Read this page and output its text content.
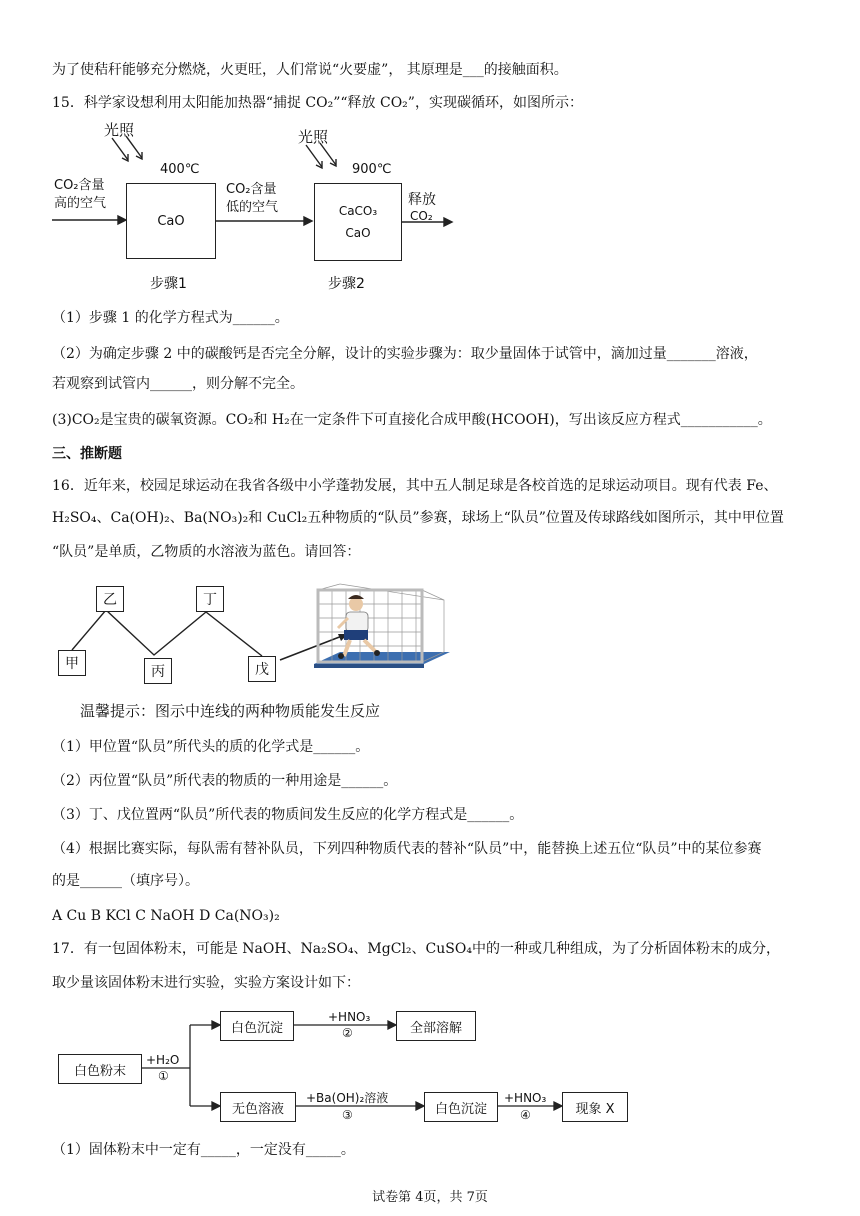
为了使秸秆能够充分燃烧，火更旺，人们常说“火要虚”， 其原理是___的接触面积。
15．科学家设想利用太阳能加热器“捕捉 CO₂”“释放 CO₂”，实现碳循环，如图所示：
光照	光照
400℃	900℃
CO₂含量
高的空气
CaO
CO₂含量
低的空气	CaCO₃
CaO
释放
CO₂
步骤1	步骤2
（1）步骤 1 的化学方程式为______。
（2）为确定步骤 2 中的碳酸钙是否完全分解，设计的实验步骤为：取少量固体于试管中，滴加过量_______溶液，
若观察到试管内______，则分解不完全。
(3)CO₂是宝贵的碳氧资源。CO₂和 H₂在一定条件下可直接化合成甲酸(HCOOH)，写出该反应方程式___________。
三、推断题
16．近年来，校园足球运动在我省各级中小学蓬勃发展，其中五人制足球是各校首选的足球运动项目。现有代表 Fe、
H₂SO₄、Ca(OH)₂、Ba(NO₃)₂和 CuCl₂五种物质的“队员”参赛，球场上“队员”位置及传球路线如图所示，其中甲位置
“队员”是单质，乙物质的水溶液为蓝色。请回答：
乙	丁
甲	丙	戊
温馨提示：图示中连线的两种物质能发生反应
（1）甲位置“队员”所代头的质的化学式是______。
（2）丙位置“队员”所代表的物质的一种用途是______。
（3）丁、戊位置两“队员”所代表的物质间发生反应的化学方程式是______。
（4）根据比赛实际，每队需有替补队员，下列四种物质代表的替补“队员”中，能替换上述五位“队员”中的某位参赛
的是______（填序号）。
A Cu B KCl C NaOH D Ca(NO₃)₂
17．有一包固体粉末，可能是 NaOH、Na₂SO₄、MgCl₂、CuSO₄中的一种或几种组成，为了分析固体粉末的成分，
取少量该固体粉末进行实验，实验方案设计如下：
白色粉末
+H₂O
①
白色沉淀
+HNO₃
②	全部溶解
无色溶液
+Ba(OH)₂溶液
③	白色沉淀
+HNO₃
④	现象 X
（1）固体粉末中一定有_____，一定没有_____。
试卷第 4页，共 7页
